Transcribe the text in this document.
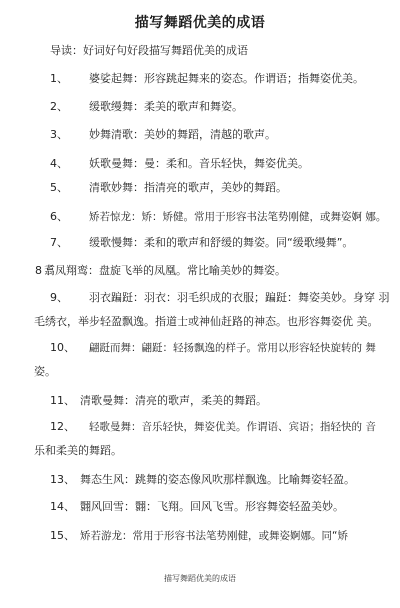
描写舞蹈优美的成语
导读：好词好句好段描写舞蹈优美的成语
1、 婆娑起舞：形容跳起舞来的姿态。作谓语；指舞姿优美。
2、 缓歌缦舞：柔美的歌声和舞姿。
3、 妙舞清歌：美妙的舞蹈，清越的歌声。
4、 妖歌曼舞：曼：柔和。音乐轻快，舞姿优美。
5、 清歌妙舞：指清亮的歌声，美妙的舞蹈。
6、 矫若惊龙：矫：矫健。常用于形容书法笔势刚健，或舞姿婀 娜。
7、 缓歌慢舞：柔和的歌声和舒缓的舞姿。同“缓歌缦舞”。
8 翥凤翔鸾：盘旋飞举的凤凰。常比喻美妙的舞姿。
9、 羽衣蹁跹：羽衣：羽毛织成的衣服；蹁跹：舞姿美妙。身穿 羽
毛绣衣，举步轻盈飘逸。指道士或神仙赶路的神态。也形容舞姿优 美。
10、 翩跹而舞：翩跹：轻扬飘逸的样子。常用以形容轻快旋转的 舞
姿。
11、 清歌曼舞：清亮的歌声，柔美的舞蹈。
12、 轻歌曼舞：音乐轻快，舞姿优美。作谓语、宾语；指轻快的 音
乐和柔美的舞蹈。
13、 舞态生风：跳舞的姿态像风吹那样飘逸。比喻舞姿轻盈。
14、 翾风回雪：翾：飞翔。回风飞雪。形容舞姿轻盈美妙。
15、 矫若游龙：常用于形容书法笔势刚健，或舞姿婀娜。同“矫
描写舞蹈优美的成语
